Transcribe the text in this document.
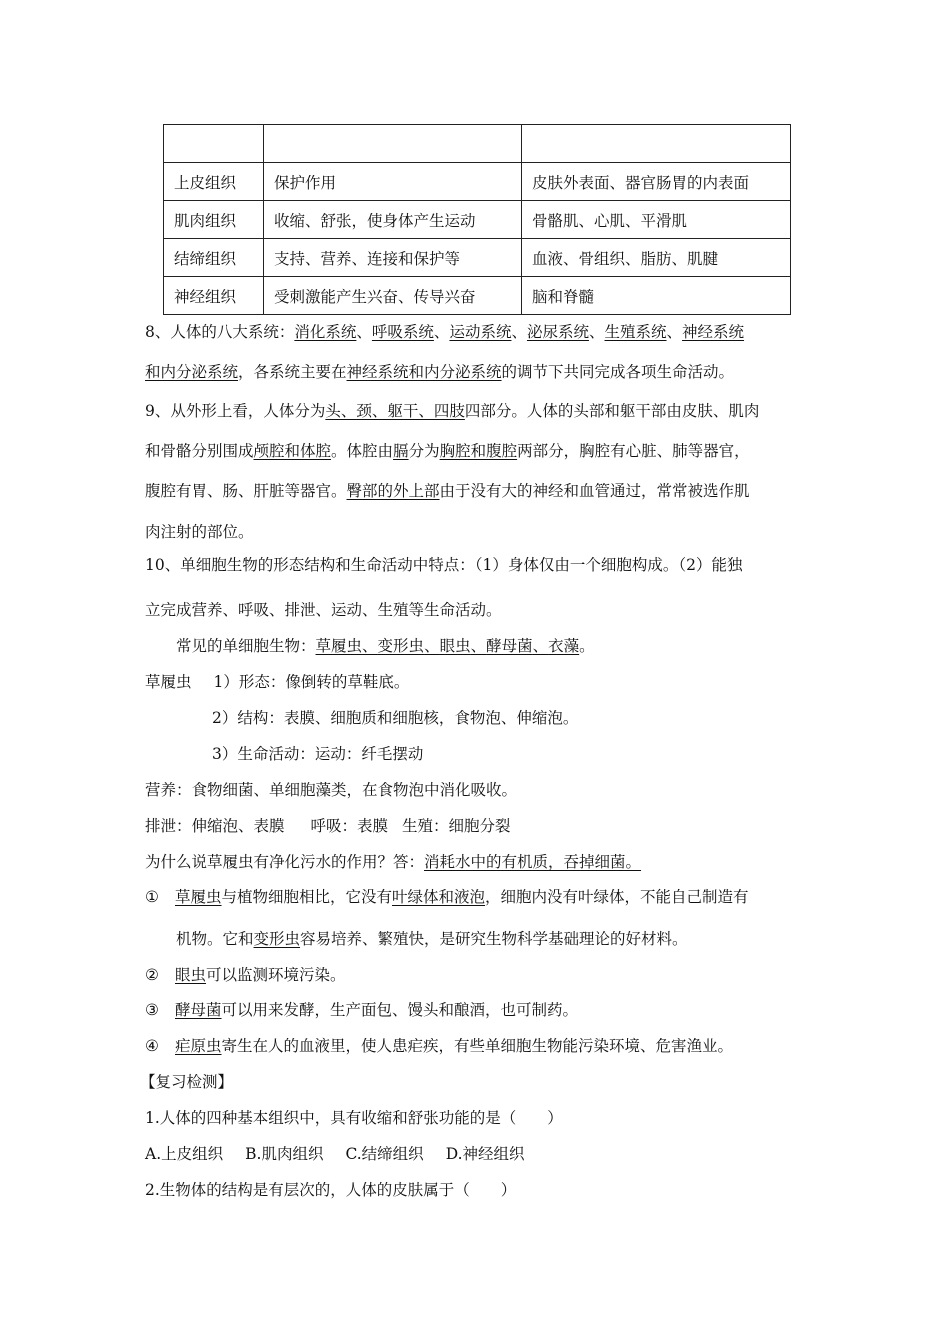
上皮组织	保护作用	皮肤外表面、器官肠胃的内表面
肌肉组织	收缩、舒张，使身体产生运动	骨骼肌、心肌、平滑肌
结缔组织	支持、营养、连接和保护等	血液、骨组织、脂肪、肌腱
神经组织	受刺激能产生兴奋、传导兴奋	脑和脊髓
8、人体的八大系统：消化系统、呼吸系统、运动系统、泌尿系统、生殖系统、神经系统
和内分泌系统，各系统主要在神经系统和内分泌系统的调节下共同完成各项生命活动。
9、从外形上看，人体分为头、颈、躯干、四肢四部分。人体的头部和躯干部由皮肤、肌肉
和骨骼分别围成颅腔和体腔。体腔由膈分为胸腔和腹腔两部分，胸腔有心脏、肺等器官，
腹腔有胃、肠、肝脏等器官。臀部的外上部由于没有大的神经和血管通过，常常被选作肌
肉注射的部位。
10、单细胞生物的形态结构和生命活动中特点：（1）身体仅由一个细胞构成。（2）能独
立完成营养、呼吸、排泄、运动、生殖等生命活动。
常见的单细胞生物：草履虫、变形虫、眼虫、酵母菌、衣藻。
草履虫 1）形态：像倒转的草鞋底。
2）结构：表膜、细胞质和细胞核，食物泡、伸缩泡。
3）生命活动：运动：纤毛摆动
营养：食物细菌、单细胞藻类，在食物泡中消化吸收。
排泄：伸缩泡、表膜 呼吸：表膜 生殖：细胞分裂
为什么说草履虫有净化污水的作用？答：消耗水中的有机质，吞掉细菌。
① 草履虫与植物细胞相比，它没有叶绿体和液泡，细胞内没有叶绿体，不能自己制造有
机物。它和变形虫容易培养、繁殖快，是研究生物科学基础理论的好材料。
② 眼虫可以监测环境污染。
③ 酵母菌可以用来发酵，生产面包、馒头和酿酒，也可制药。
④ 疟原虫寄生在人的血液里，使人患疟疾，有些单细胞生物能污染环境、危害渔业。
【复习检测】
1.人体的四种基本组织中，具有收缩和舒张功能的是（　　）
A.上皮组织 B.肌肉组织 C.结缔组织 D.神经组织
2.生物体的结构是有层次的，人体的皮肤属于（　　）
